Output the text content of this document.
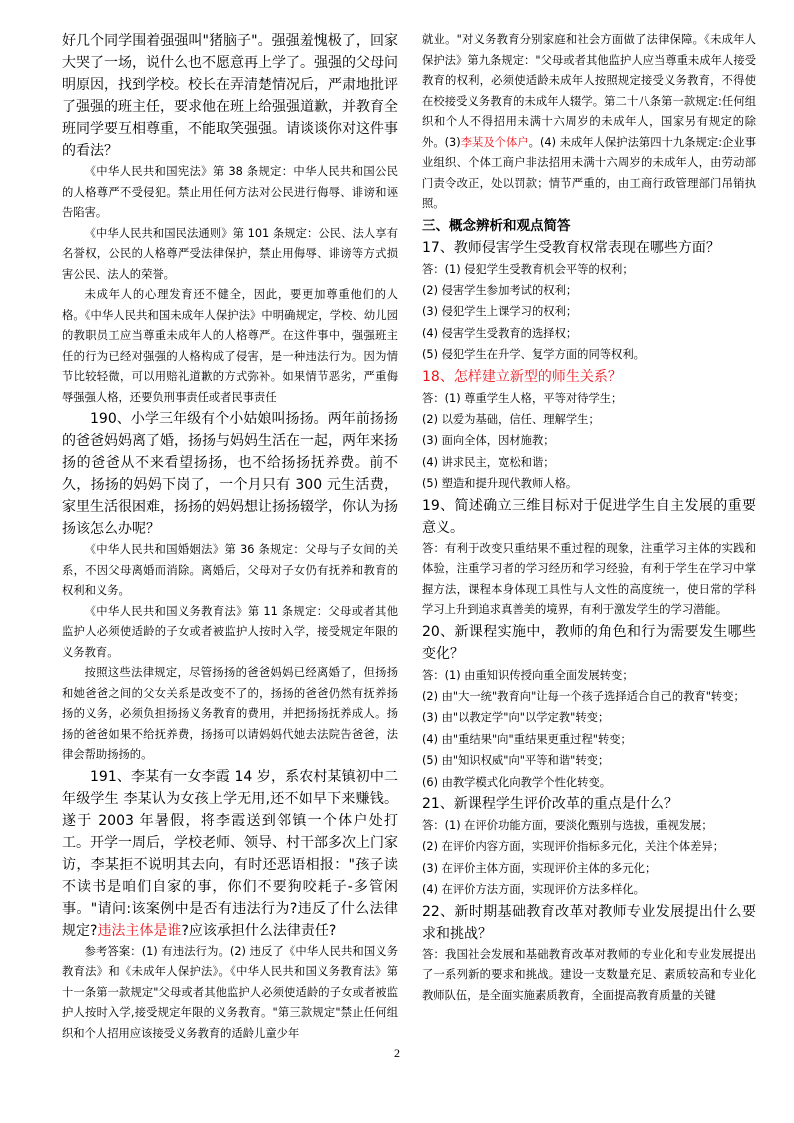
好几个同学围着强强叫"猪脑子"。强强羞愧极了，回家大哭了一场，说什么也不愿意再上学了。强强的父母问明原因，找到学校。校长在弄清楚情况后，严肃地批评了强强的班主任，要求他在班上给强强道歉，并教育全班同学要互相尊重，不能取笑强强。请谈谈你对这件事的看法？

《中华人民共和国宪法》第 38 条规定：中华人民共和国公民的人格尊严不受侵犯。禁止用任何方法对公民进行侮辱、诽谤和诬告陷害。

《中华人民共和国民法通则》第 101 条规定：公民、法人享有名誉权，公民的人格尊严受法律保护，禁止用侮辱、诽谤等方式损害公民、法人的荣誉。

未成年人的心理发育还不健全，因此，要更加尊重他们的人格。《中华人民共和国未成年人保护法》中明确规定，学校、幼儿园的教职员工应当尊重未成年人的人格尊严。在这件事中，强强班主任的行为已经对强强的人格构成了侵害，是一种违法行为。因为情节比较轻微，可以用赔礼道歉的方式弥补。如果情节恶劣，严重侮辱强强人格，还要负刑事责任或者民事责任

190、小学三年级有个小姑娘叫扬扬。两年前扬扬的爸爸妈妈离了婚，扬扬与妈妈生活在一起，两年来扬扬的爸爸从不来看望扬扬，也不给扬扬抚养费。前不久，扬扬的妈妈下岗了，一个月只有 300 元生活费，家里生活很困难，扬扬的妈妈想让扬扬辍学，你认为扬扬该怎么办呢？

《中华人民共和国婚姻法》第 36 条规定：父母与子女间的关系，不因父母离婚而消除。离婚后，父母对子女仍有抚养和教育的权利和义务。

《中华人民共和国义务教育法》第 11 条规定：父母或者其他监护人必须使适龄的子女或者被监护人按时入学，接受规定年限的义务教育。

按照这些法律规定，尽管扬扬的爸爸妈妈已经离婚了，但扬扬和她爸爸之间的父女关系是改变不了的，扬扬的爸爸仍然有抚养扬扬的义务，必须负担扬扬义务教育的费用，并把扬扬抚养成人。扬扬的爸爸如果不给抚养费，扬扬可以请妈妈代她去法院告爸爸，法律会帮助扬扬的。

191、李某有一女李霞 14 岁，系农村某镇初中二年级学生 李某认为女孩上学无用,还不如早下来赚钱。遂于 2003 年暑假，将李霞送到邻镇一个体户处打工。开学一周后，学校老师、领导、村干部多次上门家访，李某拒不说明其去向，有时还恶语相报："孩子读不读书是咱们自家的事，你们不要狗咬耗子-多管闲事。"请问:该案例中是否有违法行为?违反了什么法律规定?违法主体是谁?应该承担什么法律责任?

参考答案：(1) 有违法行为。(2) 违反了《中华人民共和国义务教育法》和《未成年人保护法》。《中华人民共和国义务教育法》第十一条第一款规定"父母或者其他监护人必须使适龄的子女或者被监护人按时入学,接受规定年限的义务教育。"第三款规定"禁止任何组织和个人招用应该接受义务教育的适龄儿童少年

就业。"对义务教育分别家庭和社会方面做了法律保障。《未成年人保护法》第九条规定："父母或者其他监护人应当尊重未成年人接受教育的权利，必须使适龄未成年人按照规定接受义务教育，不得使在校接受义务教育的未成年人辍学。第二十八条第一款规定:任何组织和个人不得招用未满十六周岁的未成年人，国家另有规定的除外。(3)李某及个体户。(4) 未成年人保护法第四十九条规定:企业事业组织、个体工商户非法招用未满十六周岁的未成年人，由劳动部门责令改正，处以罚款；情节严重的，由工商行政管理部门吊销执照。

三、概念辨析和观点简答

17、教师侵害学生受教育权常表现在哪些方面？

答：(1) 侵犯学生受教育机会平等的权利；

(2) 侵害学生参加考试的权利；

(3) 侵犯学生上课学习的权利；

(4) 侵害学生受教育的选择权；

(5) 侵犯学生在升学、复学方面的同等权利。

18、怎样建立新型的师生关系？

答：(1) 尊重学生人格，平等对待学生；

(2) 以爱为基础，信任、理解学生；

(3) 面向全体，因材施教；

(4) 讲求民主，宽松和谐；

(5) 塑造和提升现代教师人格。

19、简述确立三维目标对于促进学生自主发展的重要意义。

答：有利于改变只重结果不重过程的现象，注重学习主体的实践和体验，注重学习者的学习经历和学习经验，有利于学生在学习中掌握方法，课程本身体现工具性与人文性的高度统一，使日常的学科学习上升到追求真善美的境界，有利于激发学生的学习潜能。

20、新课程实施中，教师的角色和行为需要发生哪些变化？

答：(1) 由重知识传授向重全面发展转变；

(2) 由"大一统"教育向"让每一个孩子选择适合自己的教育"转变；

(3) 由"以教定学"向"以学定教"转变；

(4) 由"重结果"向"重结果更重过程"转变；

(5) 由"知识权威"向"平等和谐"转变；

(6) 由教学模式化向教学个性化转变。

21、新课程学生评价改革的重点是什么？

答：(1) 在评价功能方面，要淡化甄别与选拔，重视发展；

(2) 在评价内容方面，实现评价指标多元化，关注个体差异；

(3) 在评价主体方面，实现评价主体的多元化；

(4) 在评价方法方面，实现评价方法多样化。

22、新时期基础教育改革对教师专业发展提出什么要求和挑战？

答：我国社会发展和基础教育改革对教师的专业化和专业发展提出了一系列新的要求和挑战。建设一支数量充足、素质较高和专业化教师队伍，是全面实施素质教育，全面提高教育质量的关键

2
